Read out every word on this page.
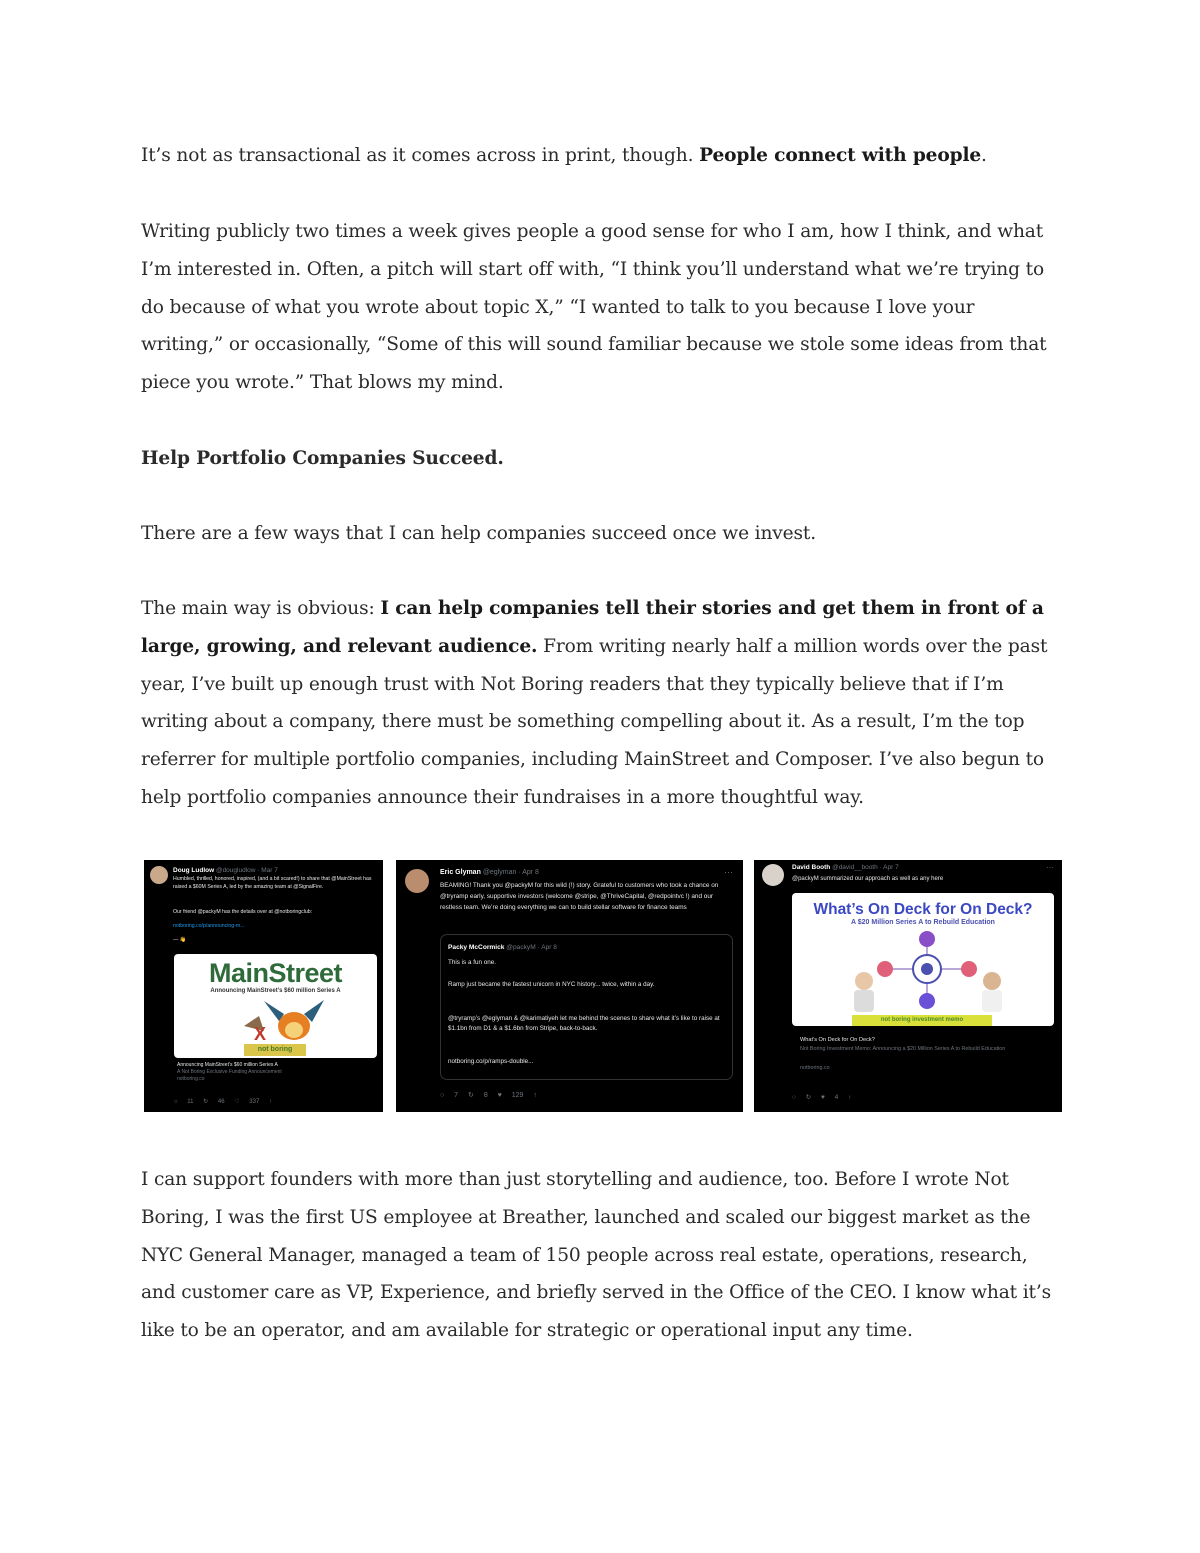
It’s not as transactional as it comes across in print, though. People connect with people.

Writing publicly two times a week gives people a good sense for who I am, how I think, and what I’m interested in. Often, a pitch will start off with, “I think you’ll understand what we’re trying to do because of what you wrote about topic X,” “I wanted to talk to you because I love your writing,” or occasionally, “Some of this will sound familiar because we stole some ideas from that piece you wrote.” That blows my mind.

Help Portfolio Companies Succeed.

There are a few ways that I can help companies succeed once we invest.

The main way is obvious: I can help companies tell their stories and get them in front of a large, growing, and relevant audience. From writing nearly half a million words over the past year, I’ve built up enough trust with Not Boring readers that they typically believe that if I’m writing about a company, there must be something compelling about it. As a result, I’m the top referrer for multiple portfolio companies, including MainStreet and Composer. I’ve also begun to help portfolio companies announce their fundraises in a more thoughtful way.

I can support founders with more than just storytelling and audience, too. Before I wrote Not Boring, I was the first US employee at Breather, launched and scaled our biggest market as the NYC General Manager, managed a team of 150 people across real estate, operations, research, and customer care as VP, Experience, and briefly served in the Office of the CEO. I know what it’s like to be an operator, and am available for strategic or operational input any time.

Doug Ludlow @dougludlow · Mar 7
Humbled, thrilled, honored, inspired, (and a bit scared!) to share that @MainStreet has raised a $60M Series A, led by the amazing team at @SignalFire.
Our friend @packyM has the details over at @notboringclub:
notboring.co/p/announcing-m...
— 👋
MainStreet
Announcing MainStreet’s $60 million Series A
X
not boring
Announcing MainStreet’s $60 million Series A
A Not Boring Exclusive Funding Announcement
notboring.co
○ 11 ↻ 46 ♡ 337 ↑
Eric Glyman @eglyman · Apr 8	···
BEAMING! Thank you @packyM for this wild (!) story. Grateful to customers who took a chance on @tryramp early, supportive investors (welcome @stripe, @ThriveCapital, @redpointvc !) and our restless team. We’re doing everything we can to build stellar software for finance teams
Packy McCormick @packyM · Apr 8
This is a fun one.
Ramp just became the fastest unicorn in NYC history... twice, within a day.
@tryramp’s @eglyman & @karimatiyeh let me behind the scenes to share what it’s like to raise at $1.1bn from D1 & a $1.6bn from Stripe, back-to-back.
notboring.co/p/ramps-double...
○ 7 ↻ 8 ♥ 129 ↑
David Booth @david__booth · Apr 7	···
@packyM summarized our approach as well as any here
What’s On Deck for On Deck?
A $20 Million Series A to Rebuild Education
not boring investment memo
What’s On Deck for On Deck?
Not Boring Investment Memo: Announcing a $20 Million Series A to Rebuild Education
notboring.co
○ ↻ ♥ 4 ↑
